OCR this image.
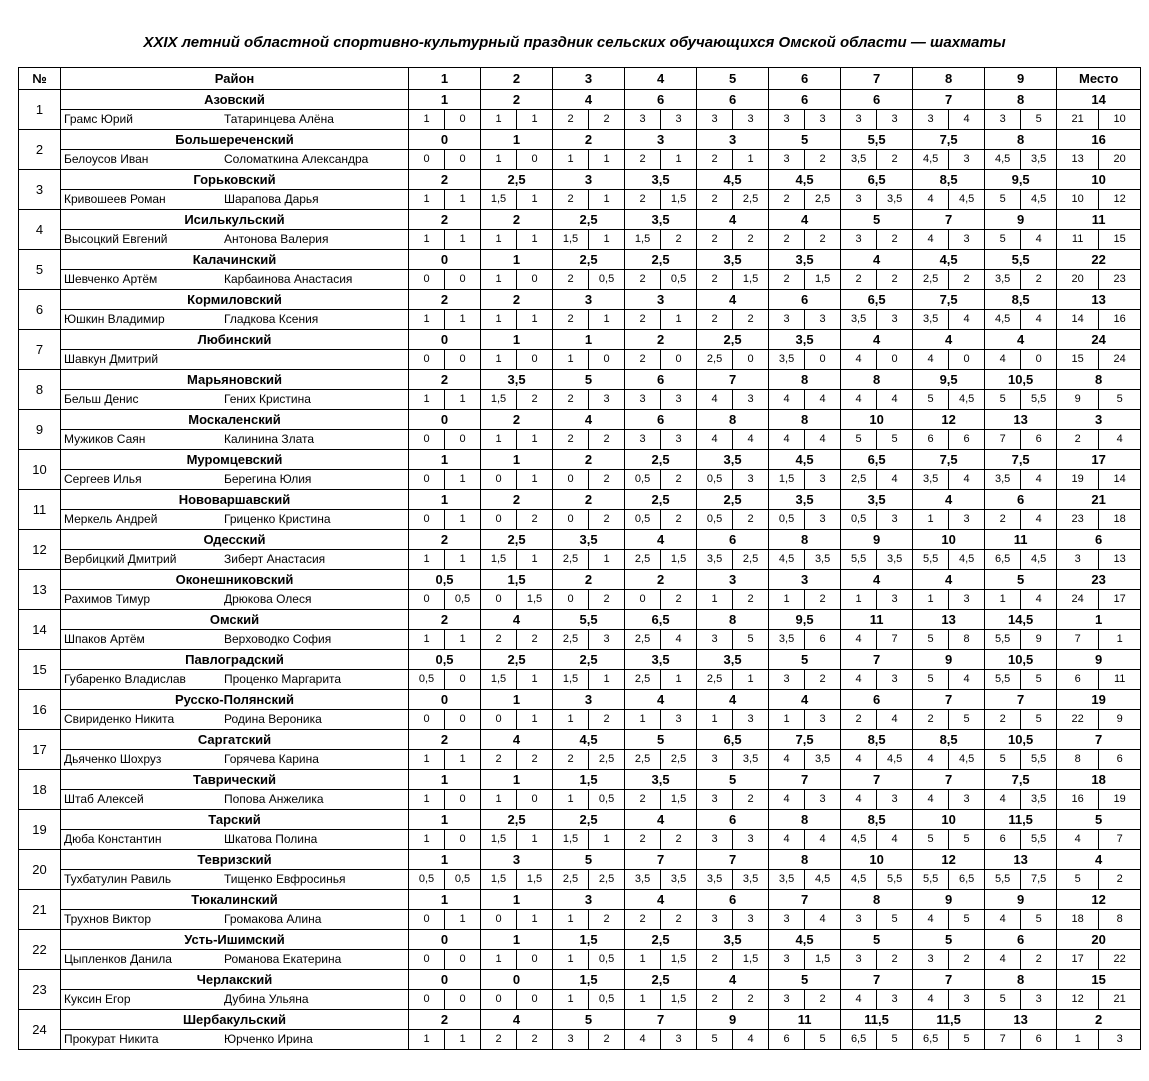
XXIX летний областной спортивно-культурный праздник сельских обучающихся Омской области — шахматы
№	Район	1		2		3		4		5		6		7		8		9		Место	
1	Азовский	1		2		4		6		6		6		6		7		8		14	
	Грамс Юрий Татаринцева Алёна	1	0	1	1	2	2	3	3	3	3	3	3	3	3	3	4	3	5	21	10
2	Большереченский	0		1		2		3		3		5		5,5		7,5		8		16	
	Белоусов Иван Соломаткина Александра	0	0	1	0	1	1	2	1	2	1	3	2	3,5	2	4,5	3	4,5	3,5	13	20
3	Горьковский	2		2,5		3		3,5		4,5		4,5		6,5		8,5		9,5		10	
	Кривошеев Роман Шарапова Дарья	1	1	1,5	1	2	1	2	1,5	2	2,5	2	2,5	3	3,5	4	4,5	5	4,5	10	12
4	Исилькульский	2		2		2,5		3,5		4		4		5		7		9		11	
	Высоцкий Евгений Антонова Валерия	1	1	1	1	1,5	1	1,5	2	2	2	2	2	3	2	4	3	5	4	11	15
5	Калачинский	0		1		2,5		2,5		3,5		3,5		4		4,5		5,5		22	
	Шевченко Артём Карбаинова Анастасия	0	0	1	0	2	0,5	2	0,5	2	1,5	2	1,5	2	2	2,5	2	3,5	2	20	23
6	Кормиловский	2		2		3		3		4		6		6,5		7,5		8,5		13	
	Юшкин Владимир Гладкова Ксения	1	1	1	1	2	1	2	1	2	2	3	3	3,5	3	3,5	4	4,5	4	14	16
7	Любинский	0		1		1		2		2,5		3,5		4		4		4		24	
	Шавкун Дмитрий	0	0	1	0	1	0	2	0	2,5	0	3,5	0	4	0	4	0	4	0	15	24
8	Марьяновский	2		3,5		5		6		7		8		8		9,5		10,5		8	
	Бельш Денис Гених Кристина	1	1	1,5	2	2	3	3	3	4	3	4	4	4	4	5	4,5	5	5,5	9	5
9	Москаленский	0		2		4		6		8		8		10		12		13		3	
	Мужиков Саян Калинина Злата	0	0	1	1	2	2	3	3	4	4	4	4	5	5	6	6	7	6	2	4
10	Муромцевский	1		1		2		2,5		3,5		4,5		6,5		7,5		7,5		17	
	Сергеев Илья Берегина Юлия	0	1	0	1	0	2	0,5	2	0,5	3	1,5	3	2,5	4	3,5	4	3,5	4	19	14
11	Нововаршавский	1		2		2		2,5		2,5		3,5		3,5		4		6		21	
	Меркель Андрей Гриценко Кристина	0	1	0	2	0	2	0,5	2	0,5	2	0,5	3	0,5	3	1	3	2	4	23	18
12	Одесский	2		2,5		3,5		4		6		8		9		10		11		6	
	Вербицкий Дмитрий Зиберт Анастасия	1	1	1,5	1	2,5	1	2,5	1,5	3,5	2,5	4,5	3,5	5,5	3,5	5,5	4,5	6,5	4,5	3	13
13	Оконешниковский	0,5		1,5		2		2		3		3		4		4		5		23	
	Рахимов Тимур Дрюкова Олеся	0	0,5	0	1,5	0	2	0	2	1	2	1	2	1	3	1	3	1	4	24	17
14	Омский	2		4		5,5		6,5		8		9,5		11		13		14,5		1	
	Шпаков Артём Верховодко София	1	1	2	2	2,5	3	2,5	4	3	5	3,5	6	4	7	5	8	5,5	9	7	1
15	Павлоградский	0,5		2,5		2,5		3,5		3,5		5		7		9		10,5		9	
	Губаренко Владислав Проценко Маргарита	0,5	0	1,5	1	1,5	1	2,5	1	2,5	1	3	2	4	3	5	4	5,5	5	6	11
16	Русско-Полянский	0		1		3		4		4		4		6		7		7		19	
	Свириденко Никита Родина Вероника	0	0	0	1	1	2	1	3	1	3	1	3	2	4	2	5	2	5	22	9
17	Саргатский	2		4		4,5		5		6,5		7,5		8,5		8,5		10,5		7	
	Дьяченко Шохруз Горячева Карина	1	1	2	2	2	2,5	2,5	2,5	3	3,5	4	3,5	4	4,5	4	4,5	5	5,5	8	6
18	Таврический	1		1		1,5		3,5		5		7		7		7		7,5		18	
	Штаб Алексей Попова Анжелика	1	0	1	0	1	0,5	2	1,5	3	2	4	3	4	3	4	3	4	3,5	16	19
19	Тарский	1		2,5		2,5		4		6		8		8,5		10		11,5		5	
	Дюба Константин Шкатова Полина	1	0	1,5	1	1,5	1	2	2	3	3	4	4	4,5	4	5	5	6	5,5	4	7
20	Тевризский	1		3		5		7		7		8		10		12		13		4	
	Тухбатулин Равиль Тищенко Евфросинья	0,5	0,5	1,5	1,5	2,5	2,5	3,5	3,5	3,5	3,5	3,5	4,5	4,5	5,5	5,5	6,5	5,5	7,5	5	2
21	Тюкалинский	1		1		3		4		6		7		8		9		9		12	
	Трухнов Виктор Громакова Алина	0	1	0	1	1	2	2	2	3	3	3	4	3	5	4	5	4	5	18	8
22	Усть-Ишимский	0		1		1,5		2,5		3,5		4,5		5		5		6		20	
	Цыпленков Данила Романова Екатерина	0	0	1	0	1	0,5	1	1,5	2	1,5	3	1,5	3	2	3	2	4	2	17	22
23	Черлакский	0		0		1,5		2,5		4		5		7		7		8		15	
	Куксин Егор Дубина Ульяна	0	0	0	0	1	0,5	1	1,5	2	2	3	2	4	3	4	3	5	3	12	21
24	Шербакульский	2		4		5		7		9		11		11,5		11,5		13		2	
	Прокурат Никита Юрченко Ирина	1	1	2	2	3	2	4	3	5	4	6	5	6,5	5	6,5	5	7	6	1	3
